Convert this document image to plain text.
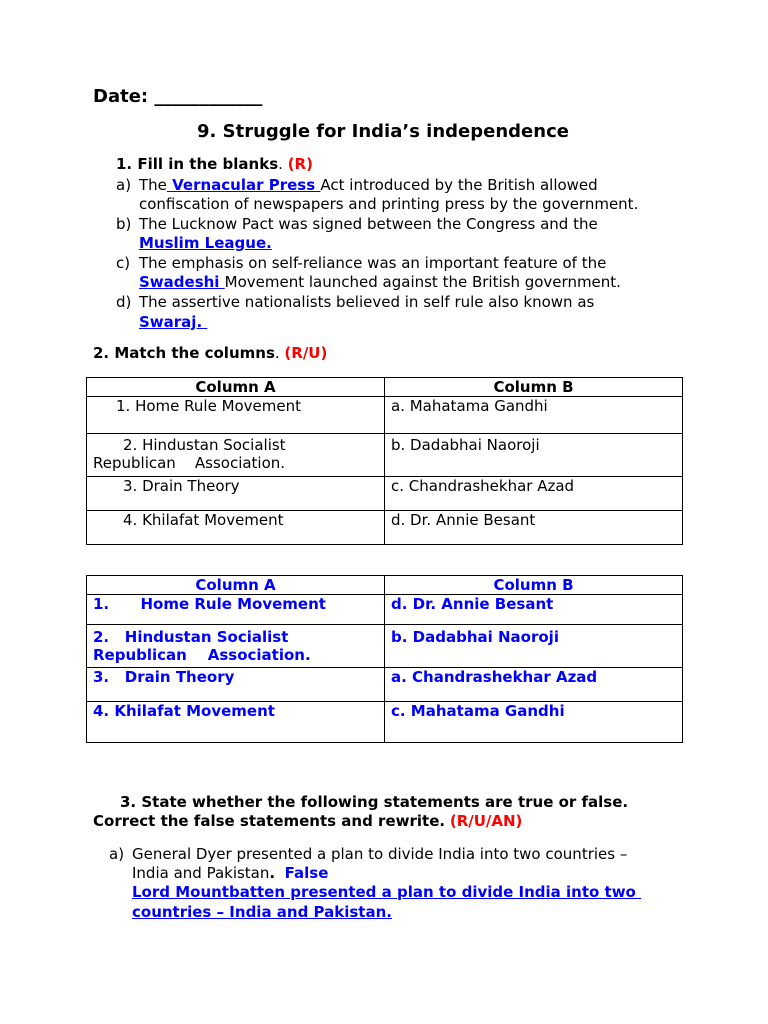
Date: ____________
9. Struggle for India’s independence
1. Fill in the blanks. (R)
a) The Vernacular Press Act introduced by the British allowed
confiscation of newspapers and printing press by the government.
b) The Lucknow Pact was signed between the Congress and the
Muslim League.
c) The emphasis on self-reliance was an important feature of the
Swadeshi Movement launched against the British government.
d) The assertive nationalists believed in self rule also known as
Swaraj.
2. Match the columns. (R/U)
Column A	Column B
1. Home Rule Movement	a. Mahatama Gandhi

2. Hindustan Socialist
Republican    Association.	b. Dadabhai Naoroji
3. Drain Theory	c. Chandrashekhar Azad
4. Khilafat Movement	d. Dr. Annie Besant
Column A	Column B
1.      Home Rule Movement	d. Dr. Annie Besant

2.   Hindustan Socialist
Republican    Association.	b. Dadabhai Naoroji
3.   Drain Theory	a. Chandrashekhar Azad
4. Khilafat Movement	c. Mahatama Gandhi
3. State whether the following statements are true or false.
Correct the false statements and rewrite. (R/U/AN)
a) General Dyer presented a plan to divide India into two countries –
India and Pakistan. False
Lord Mountbatten presented a plan to divide India into two
countries – India and Pakistan.
